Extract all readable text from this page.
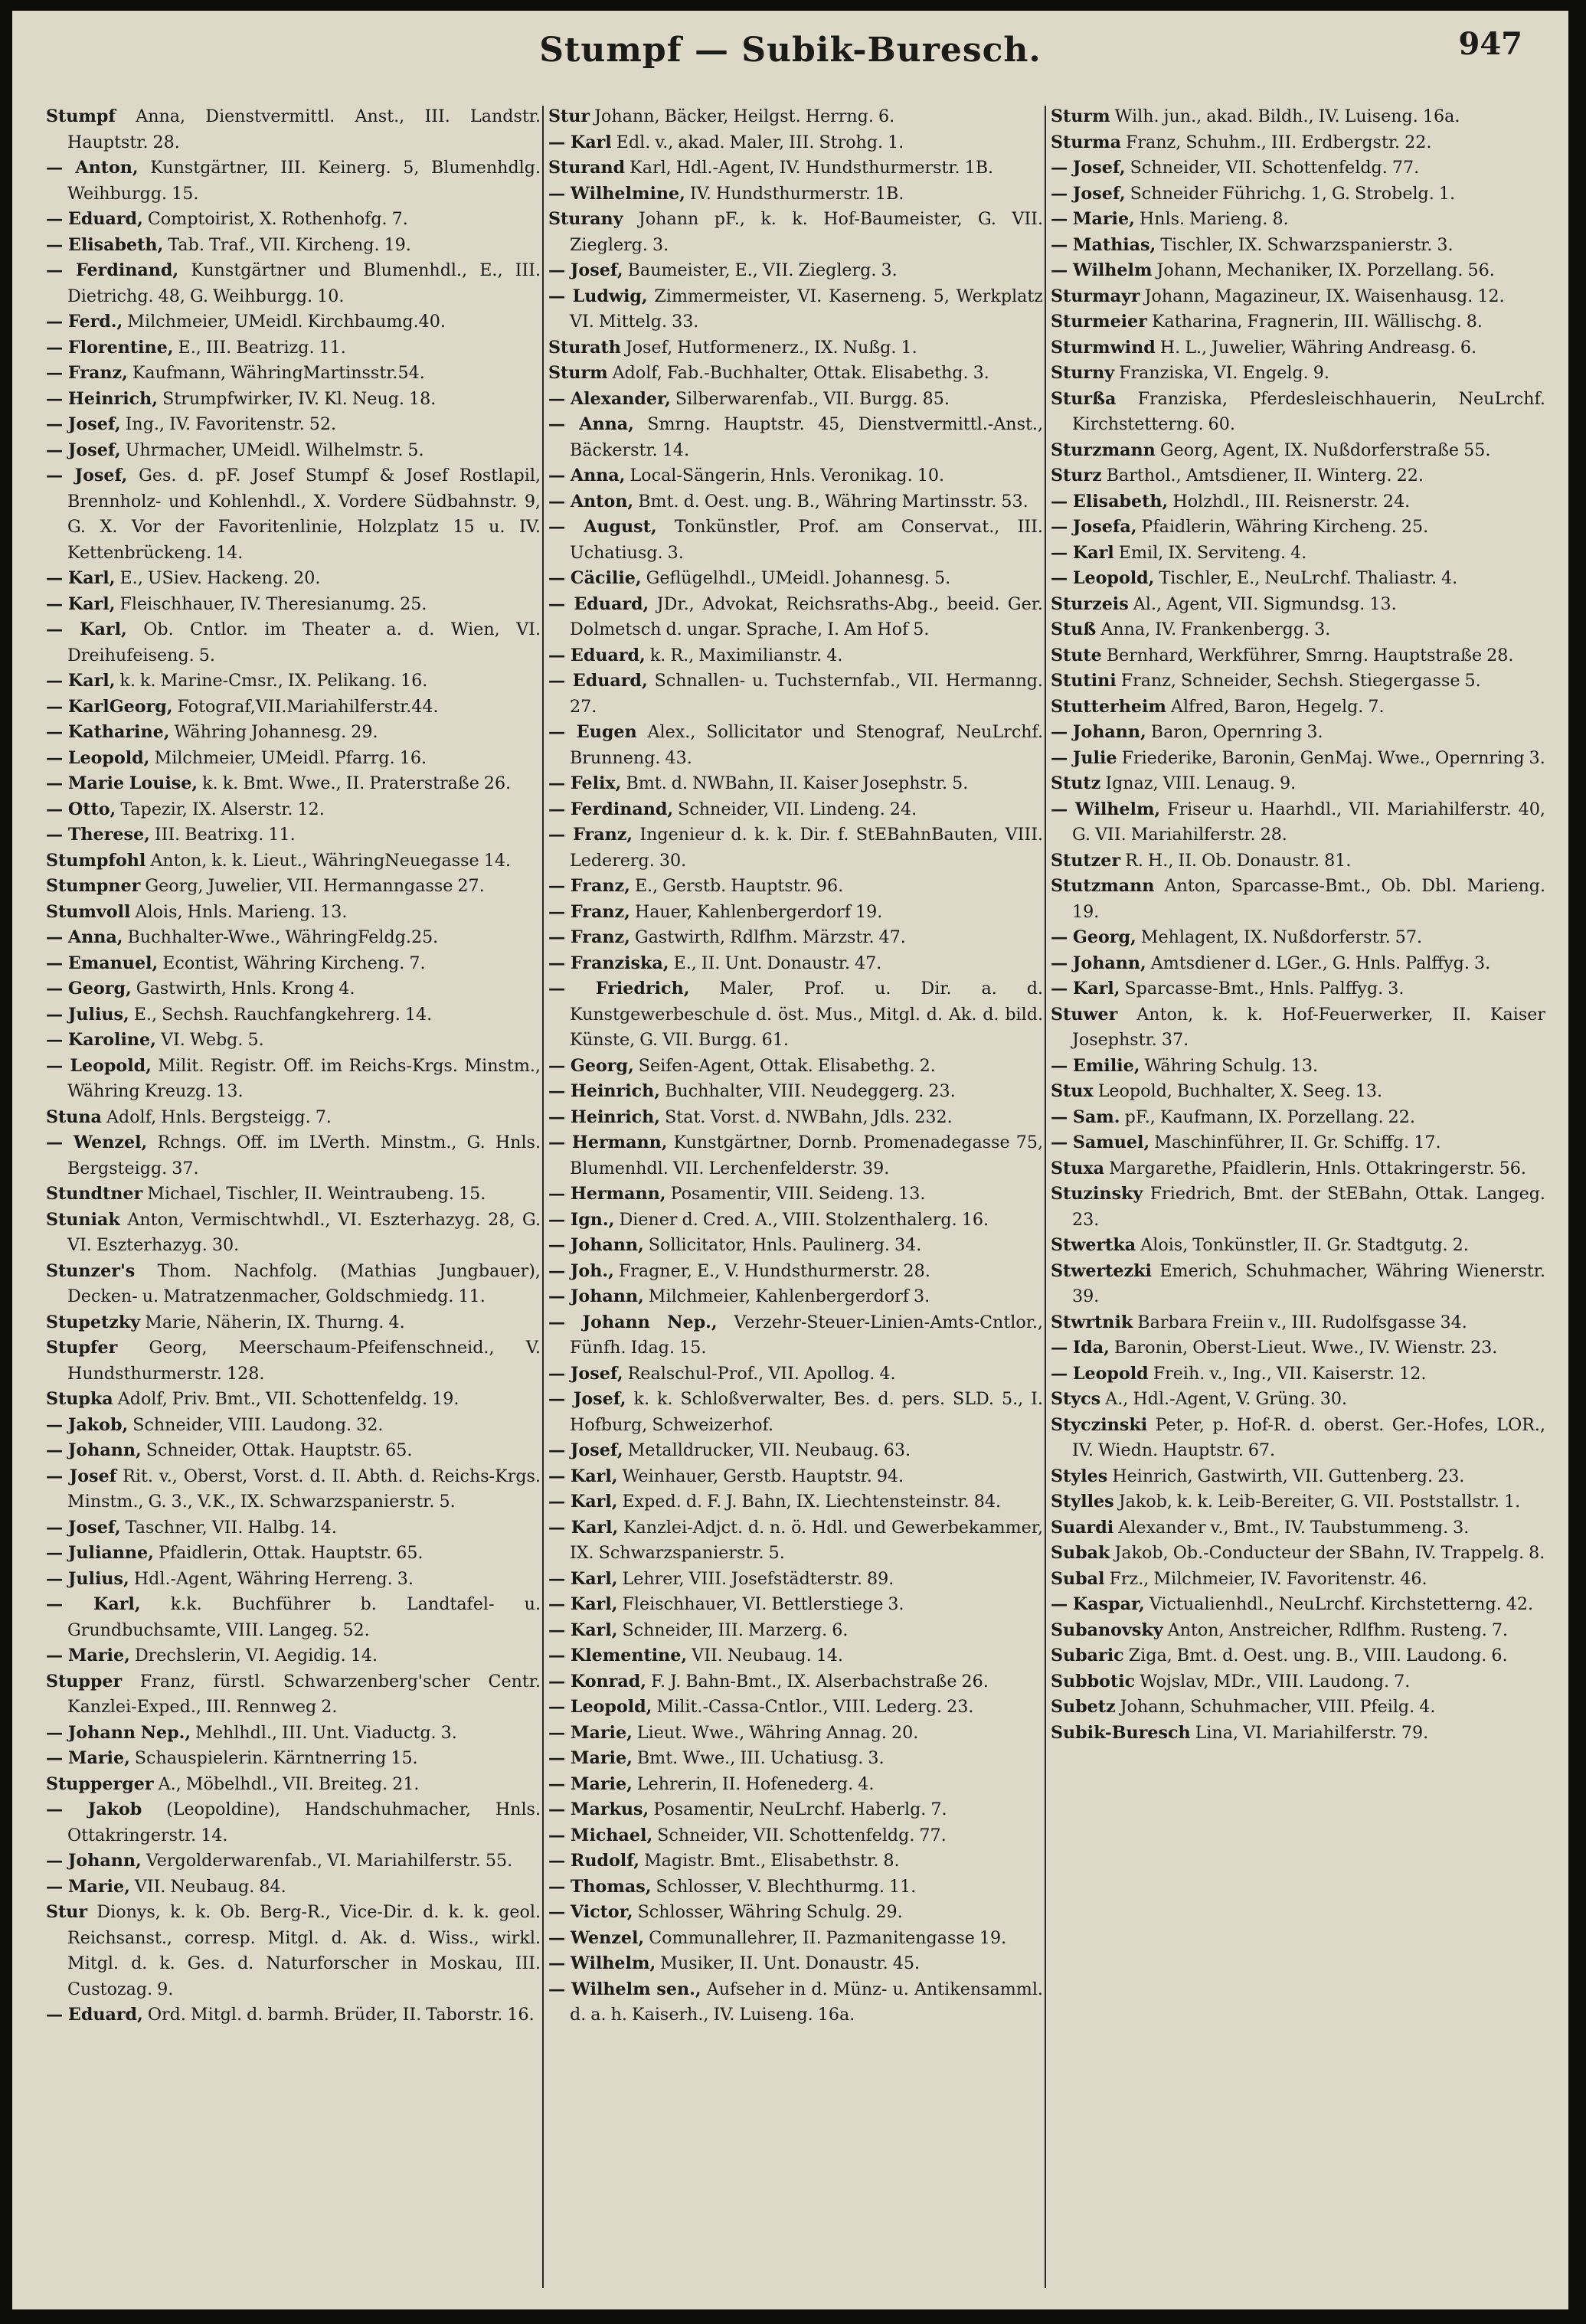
Stumpf — Subik-Buresch.	947

Stumpf Anna, Dienstvermittl. Anst., III. Landstr. Hauptstr. 28.

— Anton, Kunstgärtner, III. Keinerg. 5, Blumenhdlg. Weihburgg. 15.

— Eduard, Comptoirist, X. Rothenhofg. 7.

— Elisabeth, Tab. Traf., VII. Kircheng. 19.

— Ferdinand, Kunstgärtner und Blumenhdl., E., III. Dietrichg. 48, G. Weihburgg. 10.

— Ferd., Milchmeier, UMeidl. Kirchbaumg.40.

— Florentine, E., III. Beatrizg. 11.

— Franz, Kaufmann, WähringMartinsstr.54.

— Heinrich, Strumpfwirker, IV. Kl. Neug. 18.

— Josef, Ing., IV. Favoritenstr. 52.

— Josef, Uhrmacher, UMeidl. Wilhelmstr. 5.

— Josef, Ges. d. pF. Josef Stumpf & Josef Rostlapil, Brennholz- und Kohlenhdl., X. Vordere Südbahnstr. 9, G. X. Vor der Favoritenlinie, Holzplatz 15 u. IV. Kettenbrückeng. 14.

— Karl, E., USiev. Hackeng. 20.

— Karl, Fleischhauer, IV. Theresianumg. 25.

— Karl, Ob. Cntlor. im Theater a. d. Wien, VI. Dreihufeiseng. 5.

— Karl, k. k. Marine-Cmsr., IX. Pelikang. 16.

— KarlGeorg, Fotograf,VII.Mariahilferstr.44.

— Katharine, Währing Johannesg. 29.

— Leopold, Milchmeier, UMeidl. Pfarrg. 16.

— Marie Louise, k. k. Bmt. Wwe., II. Praterstraße 26.

— Otto, Tapezir, IX. Alserstr. 12.

— Therese, III. Beatrixg. 11.

Stumpfohl Anton, k. k. Lieut., WähringNeuegasse 14.

Stumpner Georg, Juwelier, VII. Hermanngasse 27.

Stumvoll Alois, Hnls. Marieng. 13.

— Anna, Buchhalter-Wwe., WähringFeldg.25.

— Emanuel, Econtist, Währing Kircheng. 7.

— Georg, Gastwirth, Hnls. Krong 4.

— Julius, E., Sechsh. Rauchfangkehrerg. 14.

— Karoline, VI. Webg. 5.

— Leopold, Milit. Registr. Off. im Reichs-Krgs. Minstm., Währing Kreuzg. 13.

Stuna Adolf, Hnls. Bergsteigg. 7.

— Wenzel, Rchngs. Off. im LVerth. Minstm., G. Hnls. Bergsteigg. 37.

Stundtner Michael, Tischler, II. Weintraubeng. 15.

Stuniak Anton, Vermischtwhdl., VI. Eszterhazyg. 28, G. VI. Eszterhazyg. 30.

Stunzer's Thom. Nachfolg. (Mathias Jungbauer), Decken- u. Matratzenmacher, Goldschmiedg. 11.

Stupetzky Marie, Näherin, IX. Thurng. 4.

Stupfer Georg, Meerschaum-Pfeifenschneid., V. Hundsthurmerstr. 128.

Stupka Adolf, Priv. Bmt., VII. Schottenfeldg. 19.

— Jakob, Schneider, VIII. Laudong. 32.

— Johann, Schneider, Ottak. Hauptstr. 65.

— Josef Rit. v., Oberst, Vorst. d. II. Abth. d. Reichs-Krgs. Minstm., G. 3., V.K., IX. Schwarzspanierstr. 5.

— Josef, Taschner, VII. Halbg. 14.

— Julianne, Pfaidlerin, Ottak. Hauptstr. 65.

— Julius, Hdl.-Agent, Währing Herreng. 3.

— Karl, k.k. Buchführer b. Landtafel- u. Grundbuchsamte, VIII. Langeg. 52.

— Marie, Drechslerin, VI. Aegidig. 14.

Stupper Franz, fürstl. Schwarzenberg'scher Centr. Kanzlei-Exped., III. Rennweg 2.

— Johann Nep., Mehlhdl., III. Unt. Viaductg. 3.

— Marie, Schauspielerin. Kärntnerring 15.

Stupperger A., Möbelhdl., VII. Breiteg. 21.

— Jakob (Leopoldine), Handschuhmacher, Hnls. Ottakringerstr. 14.

— Johann, Vergolderwarenfab., VI. Mariahilferstr. 55.

— Marie, VII. Neubaug. 84.

Stur Dionys, k. k. Ob. Berg-R., Vice-Dir. d. k. k. geol. Reichsanst., corresp. Mitgl. d. Ak. d. Wiss., wirkl. Mitgl. d. k. Ges. d. Naturforscher in Moskau, III. Custozag. 9.

— Eduard, Ord. Mitgl. d. barmh. Brüder, II. Taborstr. 16.

Stur Johann, Bäcker, Heilgst. Herrng. 6.

— Karl Edl. v., akad. Maler, III. Strohg. 1.

Sturand Karl, Hdl.-Agent, IV. Hundsthurmerstr. 1B.

— Wilhelmine, IV. Hundsthurmerstr. 1B.

Sturany Johann pF., k. k. Hof-Baumeister, G. VII. Zieglerg. 3.

— Josef, Baumeister, E., VII. Zieglerg. 3.

— Ludwig, Zimmermeister, VI. Kaserneng. 5, Werkplatz VI. Mittelg. 33.

Sturath Josef, Hutformenerz., IX. Nußg. 1.

Sturm Adolf, Fab.-Buchhalter, Ottak. Elisabethg. 3.

— Alexander, Silberwarenfab., VII. Burgg. 85.

— Anna, Smrng. Hauptstr. 45, Dienstvermittl.-Anst., Bäckerstr. 14.

— Anna, Local-Sängerin, Hnls. Veronikag. 10.

— Anton, Bmt. d. Oest. ung. B., Währing Martinsstr. 53.

— August, Tonkünstler, Prof. am Conservat., III. Uchatiusg. 3.

— Cäcilie, Geflügelhdl., UMeidl. Johannesg. 5.

— Eduard, JDr., Advokat, Reichsraths-Abg., beeid. Ger. Dolmetsch d. ungar. Sprache, I. Am Hof 5.

— Eduard, k. R., Maximilianstr. 4.

— Eduard, Schnallen- u. Tuchsternfab., VII. Hermanng. 27.

— Eugen Alex., Sollicitator und Stenograf, NeuLrchf. Brunneng. 43.

— Felix, Bmt. d. NWBahn, II. Kaiser Josephstr. 5.

— Ferdinand, Schneider, VII. Lindeng. 24.

— Franz, Ingenieur d. k. k. Dir. f. StEBahnBauten, VIII. Ledererg. 30.

— Franz, E., Gerstb. Hauptstr. 96.

— Franz, Hauer, Kahlenbergerdorf 19.

— Franz, Gastwirth, Rdlfhm. Märzstr. 47.

— Franziska, E., II. Unt. Donaustr. 47.

— Friedrich, Maler, Prof. u. Dir. a. d. Kunstgewerbeschule d. öst. Mus., Mitgl. d. Ak. d. bild. Künste, G. VII. Burgg. 61.

— Georg, Seifen-Agent, Ottak. Elisabethg. 2.

— Heinrich, Buchhalter, VIII. Neudeggerg. 23.

— Heinrich, Stat. Vorst. d. NWBahn, Jdls. 232.

— Hermann, Kunstgärtner, Dornb. Promenadegasse 75, Blumenhdl. VII. Lerchenfelderstr. 39.

— Hermann, Posamentir, VIII. Seideng. 13.

— Ign., Diener d. Cred. A., VIII. Stolzenthalerg. 16.

— Johann, Sollicitator, Hnls. Paulinerg. 34.

— Joh., Fragner, E., V. Hundsthurmerstr. 28.

— Johann, Milchmeier, Kahlenbergerdorf 3.

— Johann Nep., Verzehr-Steuer-Linien-Amts-Cntlor., Fünfh. Idag. 15.

— Josef, Realschul-Prof., VII. Apollog. 4.

— Josef, k. k. Schloßverwalter, Bes. d. pers. SLD. 5., I. Hofburg, Schweizerhof.

— Josef, Metalldrucker, VII. Neubaug. 63.

— Karl, Weinhauer, Gerstb. Hauptstr. 94.

— Karl, Exped. d. F. J. Bahn, IX. Liechtensteinstr. 84.

— Karl, Kanzlei-Adjct. d. n. ö. Hdl. und Gewerbekammer, IX. Schwarzspanierstr. 5.

— Karl, Lehrer, VIII. Josefstädterstr. 89.

— Karl, Fleischhauer, VI. Bettlerstiege 3.

— Karl, Schneider, III. Marzerg. 6.

— Klementine, VII. Neubaug. 14.

— Konrad, F. J. Bahn-Bmt., IX. Alserbachstraße 26.

— Leopold, Milit.-Cassa-Cntlor., VIII. Lederg. 23.

— Marie, Lieut. Wwe., Währing Annag. 20.

— Marie, Bmt. Wwe., III. Uchatiusg. 3.

— Marie, Lehrerin, II. Hofenederg. 4.

— Markus, Posamentir, NeuLrchf. Haberlg. 7.

— Michael, Schneider, VII. Schottenfeldg. 77.

— Rudolf, Magistr. Bmt., Elisabethstr. 8.

— Thomas, Schlosser, V. Blechthurmg. 11.

— Victor, Schlosser, Währing Schulg. 29.

— Wenzel, Communallehrer, II. Pazmanitengasse 19.

— Wilhelm, Musiker, II. Unt. Donaustr. 45.

— Wilhelm sen., Aufseher in d. Münz- u. Antikensamml. d. a. h. Kaiserh., IV. Luiseng. 16a.

Sturm Wilh. jun., akad. Bildh., IV. Luiseng. 16a.

Sturma Franz, Schuhm., III. Erdbergstr. 22.

— Josef, Schneider, VII. Schottenfeldg. 77.

— Josef, Schneider Führichg. 1, G. Strobelg. 1.

— Marie, Hnls. Marieng. 8.

— Mathias, Tischler, IX. Schwarzspanierstr. 3.

— Wilhelm Johann, Mechaniker, IX. Porzellang. 56.

Sturmayr Johann, Magazineur, IX. Waisenhausg. 12.

Sturmeier Katharina, Fragnerin, III. Wällischg. 8.

Sturmwind H. L., Juwelier, Währing Andreasg. 6.

Sturny Franziska, VI. Engelg. 9.

Sturßa Franziska, Pferdesleischhauerin, NeuLrchf. Kirchstetterng. 60.

Sturzmann Georg, Agent, IX. Nußdorferstraße 55.

Sturz Barthol., Amtsdiener, II. Winterg. 22.

— Elisabeth, Holzhdl., III. Reisnerstr. 24.

— Josefa, Pfaidlerin, Währing Kircheng. 25.

— Karl Emil, IX. Serviteng. 4.

— Leopold, Tischler, E., NeuLrchf. Thaliastr. 4.

Sturzeis Al., Agent, VII. Sigmundsg. 13.

Stuß Anna, IV. Frankenbergg. 3.

Stute Bernhard, Werkführer, Smrng. Hauptstraße 28.

Stutini Franz, Schneider, Sechsh. Stiegergasse 5.

Stutterheim Alfred, Baron, Hegelg. 7.

— Johann, Baron, Opernring 3.

— Julie Friederike, Baronin, GenMaj. Wwe., Opernring 3.

Stutz Ignaz, VIII. Lenaug. 9.

— Wilhelm, Friseur u. Haarhdl., VII. Mariahilferstr. 40, G. VII. Mariahilferstr. 28.

Stutzer R. H., II. Ob. Donaustr. 81.

Stutzmann Anton, Sparcasse-Bmt., Ob. Dbl. Marieng. 19.

— Georg, Mehlagent, IX. Nußdorferstr. 57.

— Johann, Amtsdiener d. LGer., G. Hnls. Palffyg. 3.

— Karl, Sparcasse-Bmt., Hnls. Palffyg. 3.

Stuwer Anton, k. k. Hof-Feuerwerker, II. Kaiser Josephstr. 37.

— Emilie, Währing Schulg. 13.

Stux Leopold, Buchhalter, X. Seeg. 13.

— Sam. pF., Kaufmann, IX. Porzellang. 22.

— Samuel, Maschinführer, II. Gr. Schiffg. 17.

Stuxa Margarethe, Pfaidlerin, Hnls. Ottakringerstr. 56.

Stuzinsky Friedrich, Bmt. der StEBahn, Ottak. Langeg. 23.

Stwertka Alois, Tonkünstler, II. Gr. Stadtgutg. 2.

Stwertezki Emerich, Schuhmacher, Währing Wienerstr. 39.

Stwrtnik Barbara Freiin v., III. Rudolfsgasse 34.

— Ida, Baronin, Oberst-Lieut. Wwe., IV. Wienstr. 23.

— Leopold Freih. v., Ing., VII. Kaiserstr. 12.

Stycs A., Hdl.-Agent, V. Grüng. 30.

Styczinski Peter, p. Hof-R. d. oberst. Ger.-Hofes, LOR., IV. Wiedn. Hauptstr. 67.

Styles Heinrich, Gastwirth, VII. Guttenberg. 23.

Stylles Jakob, k. k. Leib-Bereiter, G. VII. Poststallstr. 1.

Suardi Alexander v., Bmt., IV. Taubstummeng. 3.

Subak Jakob, Ob.-Conducteur der SBahn, IV. Trappelg. 8.

Subal Frz., Milchmeier, IV. Favoritenstr. 46.

— Kaspar, Victualienhdl., NeuLrchf. Kirchstetterng. 42.

Subanovsky Anton, Anstreicher, Rdlfhm. Rusteng. 7.

Subaric Ziga, Bmt. d. Oest. ung. B., VIII. Laudong. 6.

Subbotic Wojslav, MDr., VIII. Laudong. 7.

Subetz Johann, Schuhmacher, VIII. Pfeilg. 4.

Subik-Buresch Lina, VI. Mariahilferstr. 79.
